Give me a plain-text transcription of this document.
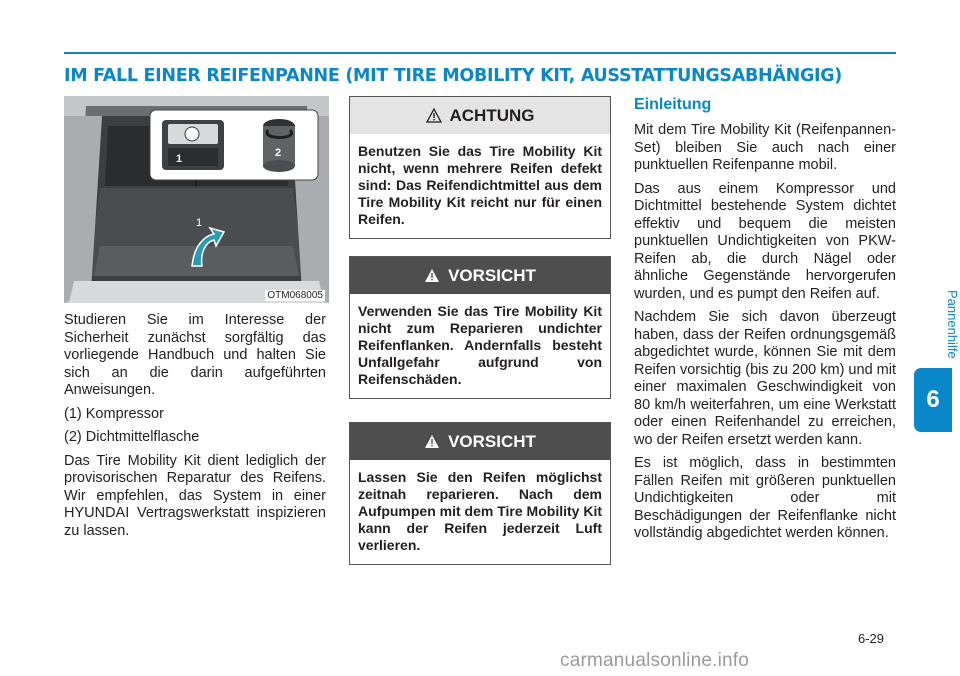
IM FALL EINER REIFENPANNE (MIT TIRE MOBILITY KIT, AUSSTATTUNGSABHÄNGIG)
Pannenhilfe
6
1
1	2
OTM068005

Studieren Sie im Interesse der Sicherheit zunächst sorgfältig das vorliegende Handbuch und halten Sie sich an die darin aufgeführten Anweisungen.

(1) Kompressor

(2) Dichtmittelflasche

Das Tire Mobility Kit dient lediglich der provisorischen Reparatur des Reifens. Wir empfehlen, das System in einer HYUNDAI Vertragswerkstatt inspizieren zu lassen.

ACHTUNG
Benutzen Sie das Tire Mobility Kit nicht, wenn mehrere Reifen defekt sind: Das Reifendichtmittel aus dem Tire Mobility Kit reicht nur für einen Reifen.
VORSICHT
Verwenden Sie das Tire Mobility Kit nicht zum Reparieren undichter Reifenflanken. Andernfalls besteht Unfallgefahr aufgrund von Reifenschäden.
VORSICHT
Lassen Sie den Reifen möglichst zeitnah reparieren. Nach dem Aufpumpen mit dem Tire Mobility Kit kann der Reifen jederzeit Luft verlieren.
Einleitung

Mit dem Tire Mobility Kit (Reifenpannen- Set) bleiben Sie auch nach einer punktuellen Reifenpanne mobil.

Das aus einem Kompressor und Dichtmittel bestehende System dichtet effektiv und bequem die meisten punktuellen Undichtigkeiten von PKW-Reifen ab, die durch Nägel oder ähnliche Gegenstände hervorgerufen wurden, und es pumpt den Reifen auf.

Nachdem Sie sich davon überzeugt haben, dass der Reifen ordnungsgemäß abgedichtet wurde, können Sie mit dem Reifen vorsichtig (bis zu 200 km) und mit einer maximalen Geschwindigkeit von 80 km/h weiterfahren, um eine Werkstatt oder einen Reifenhandel zu erreichen, wo der Reifen ersetzt werden kann.

Es ist möglich, dass in bestimmten Fällen Reifen mit größeren punktuellen Undichtigkeiten oder mit Beschädigungen der Reifenflanke nicht vollständig abgedichtet werden können.

6-29
carmanualsonline.info
